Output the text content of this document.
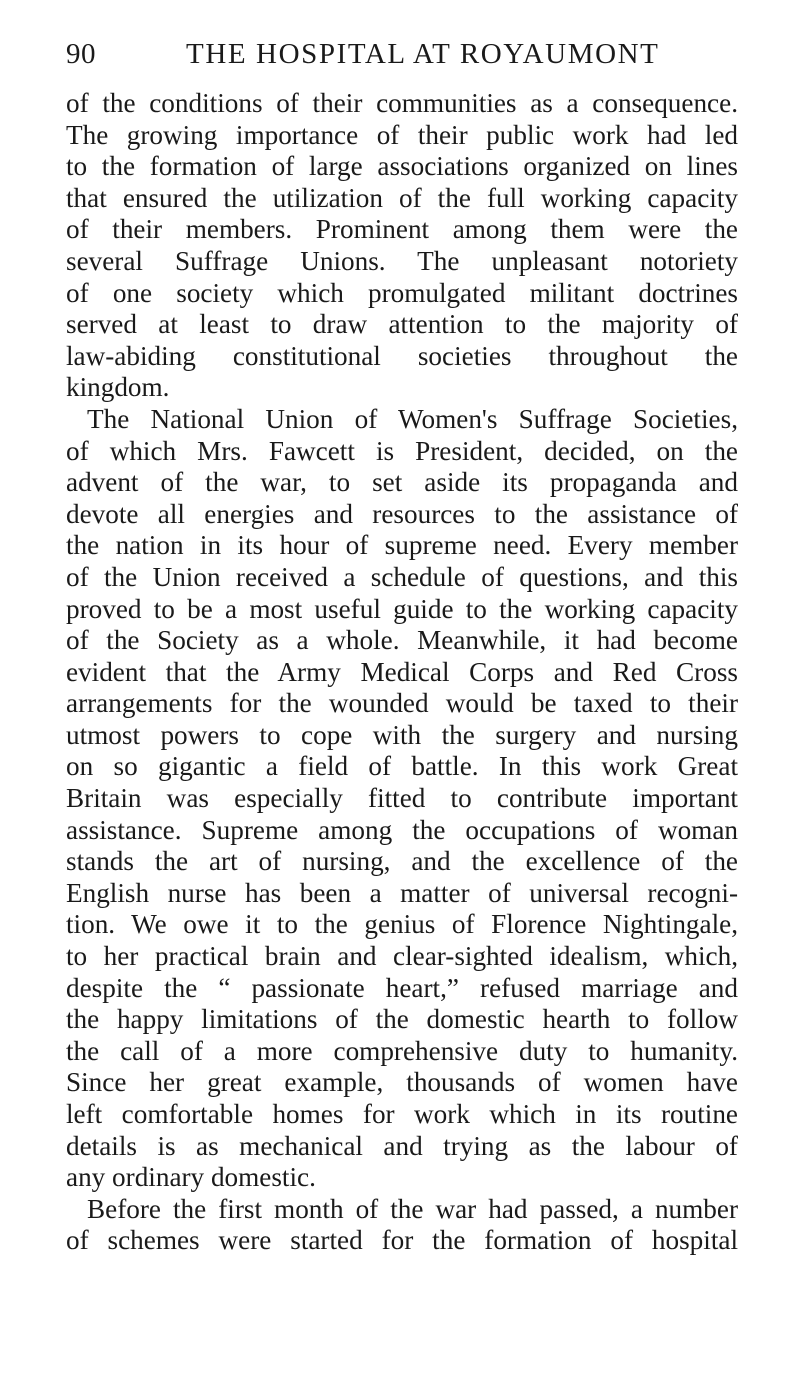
90	THE HOSPITAL AT ROYAUMONT
of the conditions of their communities as a consequence.
The growing importance of their public work had led
to the formation of large associations organized on lines
that ensured the utilization of the full working capacity
of their members. Prominent among them were the
several Suffrage Unions. The unpleasant notoriety
of one society which promulgated militant doctrines
served at least to draw attention to the majority of
law-abiding constitutional societies throughout the
kingdom.
The National Union of Women's Suffrage Societies,
of which Mrs. Fawcett is President, decided, on the
advent of the war, to set aside its propaganda and
devote all energies and resources to the assistance of
the nation in its hour of supreme need. Every member
of the Union received a schedule of questions, and this
proved to be a most useful guide to the working capacity
of the Society as a whole. Meanwhile, it had become
evident that the Army Medical Corps and Red Cross
arrangements for the wounded would be taxed to their
utmost powers to cope with the surgery and nursing
on so gigantic a field of battle. In this work Great
Britain was especially fitted to contribute important
assistance. Supreme among the occupations of woman
stands the art of nursing, and the excellence of the
English nurse has been a matter of universal recogni-
tion. We owe it to the genius of Florence Nightingale,
to her practical brain and clear-sighted idealism, which,
despite the “ passionate heart,” refused marriage and
the happy limitations of the domestic hearth to follow
the call of a more comprehensive duty to humanity.
Since her great example, thousands of women have
left comfortable homes for work which in its routine
details is as mechanical and trying as the labour of
any ordinary domestic.
Before the first month of the war had passed, a number
of schemes were started for the formation of hospital
